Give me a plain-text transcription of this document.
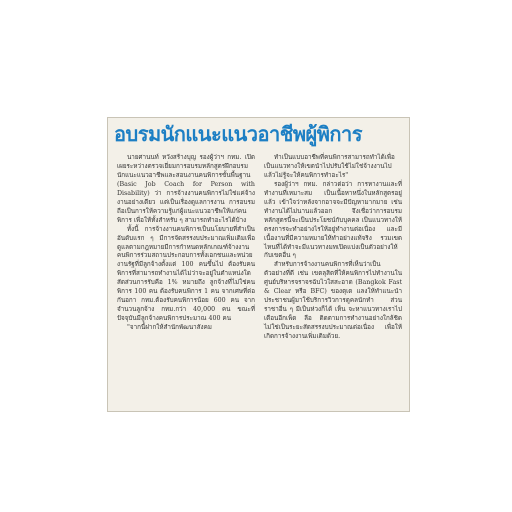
อบรมนักแนะแนวอาชีพผู้พิการ

นายศานนท์ หวังสร้างบุญ รองผู้ว่าฯ กทม. เปิดเผยระหว่างตรวจเยี่ยมการอบรมหลักสูตรฝึกอบรมนักแนะแนวอาชีพและสอนงานคนพิการขั้นพื้นฐาน (Basic Job Coach for Person with Disability) ว่า การจ้างงานคนพิการไม่ใช่แค่จ้างงานอย่างเดียว แต่เป็นเรื่องดูแลการงาน การอบรมถือเป็นการให้ความรู้แก่ผู้แนะแนวอาชีพให้แก่คนพิการ เพื่อให้ทั้งสำหรับ ๆ สามารถทำอะไรได้บ้าง

ทั้งนี้ การจ้างงานคนพิการเป็นนโยบายที่สำเป็นอันดับแรก ๆ มีการจัดสรรงบประมาณเพิ่มเติมเพื่อดูแลตามกฎหมายมีการกำหนดหลักเกณฑ์จ้างงานคนพิการร่วมสถานประกอบการทั้งเอกชนและหน่วยงานรัฐที่มีลูกจ้างตั้งแต่ 100 คนขึ้นไป ต้องรับคนพิการที่สามารถทำงานได้ไม่ว่าจะอยู่ในตำแหน่งใด สัดส่วนการรับคือ 1% หมายถึง ลูกจ้างที่ไม่ใช่คนพิการ 100 คน ต้องรับคนพิการ 1 คน จากเศษที่ต่อกันอกา กทม.ต้องรับคนพิการน้อย 600 คน จากจำนวนลูกจ้าง กทม.กว่า 40,000 คน ขณะที่ปัจจุบันมีลูกจ้างคนพิการประมาณ 400 คน

"จากนี้ฝากให้สำนักพัฒนาสังคม

ทำเป็นแบบอาชีพที่คนพิการสามารถทำได้เพื่อเป็นแนวทางให้เขตนำไปปรับใช้ไม่ใช่จ้างงานไปแล้วไม่รู้จะให้คนพิการทำอะไร"

รองผู้ว่าฯ กทม. กล่าวต่อว่า การหางานและที่ทำงานที่เหมาะสม เป็นเนื้อหาหนึ่งในหลักสูตรอยู่แล้ว เข้าใจว่าหลังจากอาจจะมีปัญหามากมาย เช่น ทำงานได้ไม่นานแล้วออก จึงเชื่อว่าการอบรมหลักสูตรนี้จะเป็นประโยชน์กับบุคคล เป็นแนวทางให้ตรงการจะทำอย่างไรให้อยู่ทำงานต่อเนื่อง และมีเนื้องานที่มีความหมายให้ทำอย่างแท้จริง รวมเขตไหนที่ได้ทำจะมีแนวทางมทเปิดแบ่งเป็นตัวอย่างให้กับเขตอื่น ๆ

สำหรับการจ้างงานคนพิการที่เห็นว่าเป็นตัวอย่างที่ดี เช่น เขตลุสิตที่ให้คนพิการไปทำงานในศูนย์บริหารจราจรฉับไวใสสะอาด (Bangkok Fast & Clear หรือ BFC) ของตุเด แลงให้ทำแนะนำประชาชนผู้มาใช้บริการวิวการดูคลนักทำ ส่วนราชาอื่น ๆ มีเป็นห่วงก็ได้ เห็น จะหาแนวทางเราไปเตือนอีกเพ็ด ลือ ติดตามการทำงานอย่างใกล้ชิด ไม่ใช่เป็นระยะสัดสรรงบประมาณต่อเนื่อง เพื่อให้เกิดการจ้างงานเพิ่มเติมด้วย.
